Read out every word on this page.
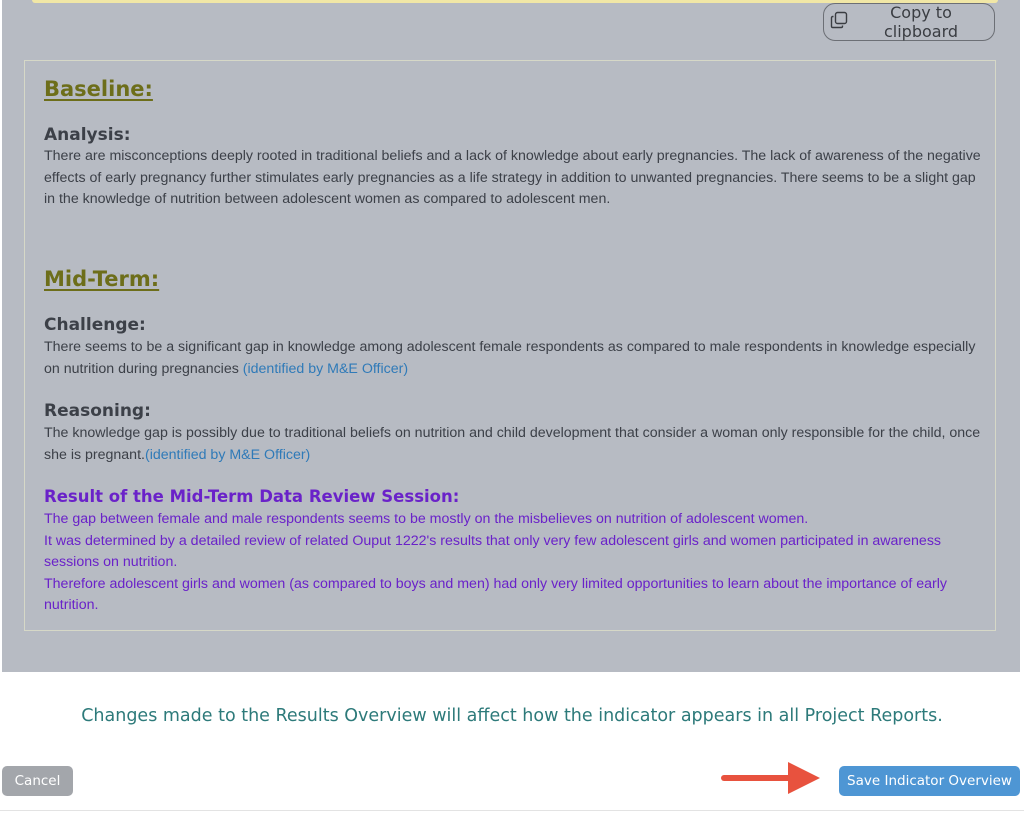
Copy to clipboard
Baseline:
Analysis:

There are misconceptions deeply rooted in traditional beliefs and a lack of knowledge about early pregnancies. The lack of awareness of the negative effects of early pregnancy further stimulates early pregnancies as a life strategy in addition to unwanted pregnancies. There seems to be a slight gap in the knowledge of nutrition between adolescent women as compared to adolescent men.

Mid-Term:
Challenge:

There seems to be a significant gap in knowledge among adolescent female respondents as compared to male respondents in knowledge especially on nutrition during pregnancies (identified by M&E Officer)

Reasoning:

The knowledge gap is possibly due to traditional beliefs on nutrition and child development that consider a woman only responsible for the child, once she is pregnant.(identified by M&E Officer)

Result of the Mid-Term Data Review Session:
The gap between female and male respondents seems to be mostly on the misbelieves on nutrition of adolescent women.
It was determined by a detailed review of related Ouput 1222's results that only very few adolescent girls and women participated in awareness sessions on nutrition.
Therefore adolescent girls and women (as compared to boys and men) had only very limited opportunities to learn about the importance of early nutrition.
Changes made to the Results Overview will affect how the indicator appears in all Project Reports.
Cancel	Save Indicator Overview
